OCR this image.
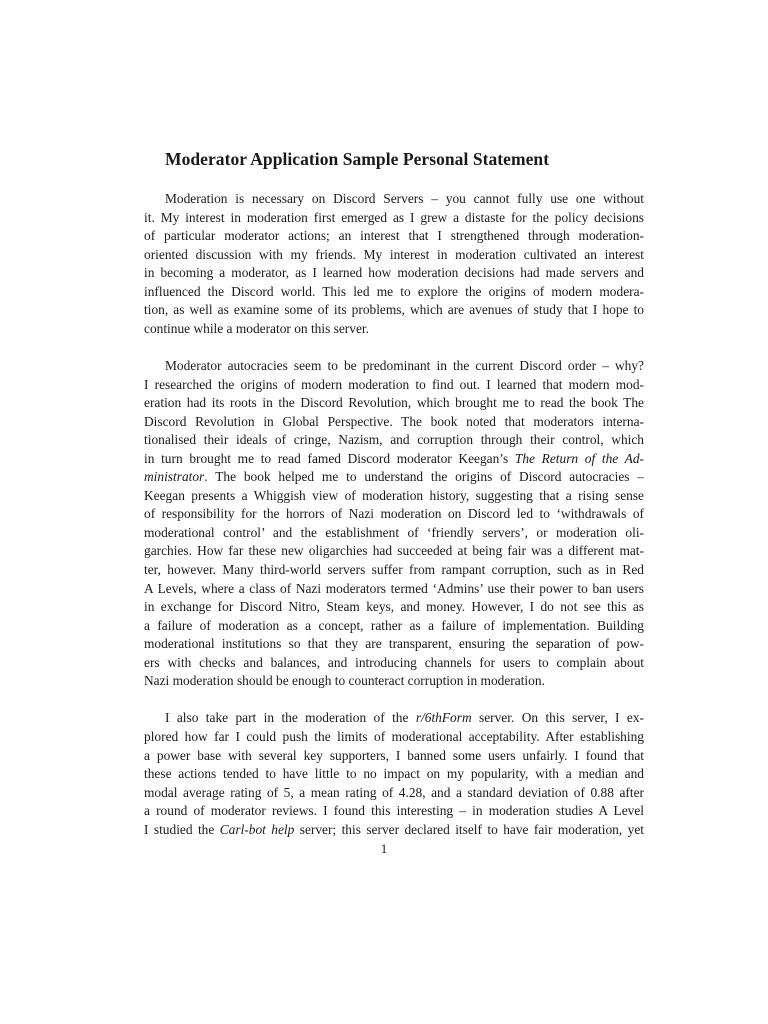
Moderator Application Sample Personal Statement
Moderation is necessary on Discord Servers – you cannot fully use one without
it. My interest in moderation first emerged as I grew a distaste for the policy decisions
of particular moderator actions; an interest that I strengthened through moderation-
oriented discussion with my friends. My interest in moderation cultivated an interest
in becoming a moderator, as I learned how moderation decisions had made servers and
influenced the Discord world. This led me to explore the origins of modern modera-
tion, as well as examine some of its problems, which are avenues of study that I hope to
continue while a moderator on this server.
Moderator autocracies seem to be predominant in the current Discord order – why?
I researched the origins of modern moderation to find out. I learned that modern mod-
eration had its roots in the Discord Revolution, which brought me to read the book The
Discord Revolution in Global Perspective. The book noted that moderators interna-
tionalised their ideals of cringe, Nazism, and corruption through their control, which
in turn brought me to read famed Discord moderator Keegan’s The Return of the Ad-
ministrator. The book helped me to understand the origins of Discord autocracies –
Keegan presents a Whiggish view of moderation history, suggesting that a rising sense
of responsibility for the horrors of Nazi moderation on Discord led to ‘withdrawals of
moderational control’ and the establishment of ‘friendly servers’, or moderation oli-
garchies. How far these new oligarchies had succeeded at being fair was a different mat-
ter, however. Many third-world servers suffer from rampant corruption, such as in Red
A Levels, where a class of Nazi moderators termed ‘Admins’ use their power to ban users
in exchange for Discord Nitro, Steam keys, and money. However, I do not see this as
a failure of moderation as a concept, rather as a failure of implementation. Building
moderational institutions so that they are transparent, ensuring the separation of pow-
ers with checks and balances, and introducing channels for users to complain about
Nazi moderation should be enough to counteract corruption in moderation.
I also take part in the moderation of the r/6thForm server. On this server, I ex-
plored how far I could push the limits of moderational acceptability. After establishing
a power base with several key supporters, I banned some users unfairly. I found that
these actions tended to have little to no impact on my popularity, with a median and
modal average rating of 5, a mean rating of 4.28, and a standard deviation of 0.88 after
a round of moderator reviews. I found this interesting – in moderation studies A Level
I studied the Carl-bot help server; this server declared itself to have fair moderation, yet
1
